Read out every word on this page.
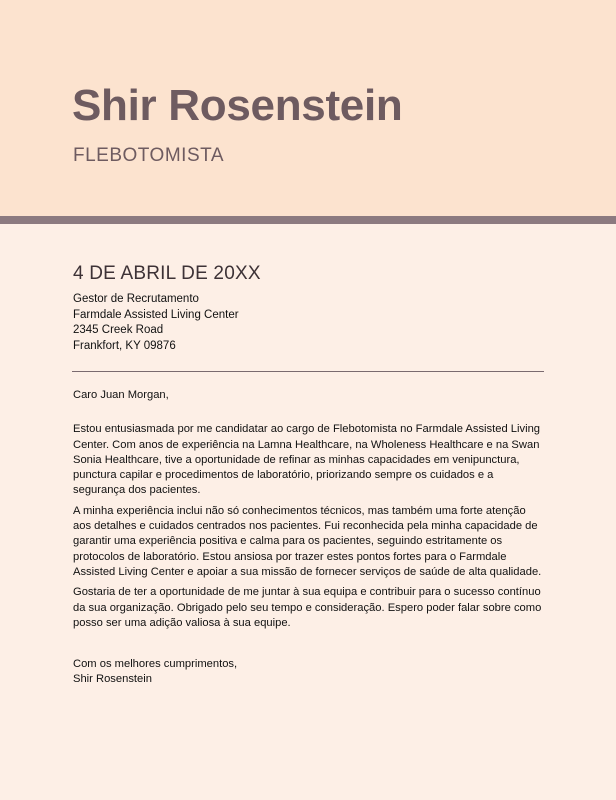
Shir Rosenstein
FLEBOTOMISTA
4 DE ABRIL DE 20XX
Gestor de Recrutamento
Farmdale Assisted Living Center
2345 Creek Road
Frankfort, KY 09876

Caro Juan Morgan,

Estou entusiasmada por me candidatar ao cargo de Flebotomista no Farmdale Assisted Living Center. Com anos de experiência na Lamna Healthcare, na Wholeness Healthcare e na Swan Sonia Healthcare, tive a oportunidade de refinar as minhas capacidades em venipunctura, punctura capilar e procedimentos de laboratório, priorizando sempre os cuidados e a segurança dos pacientes.

A minha experiência inclui não só conhecimentos técnicos, mas também uma forte atenção aos detalhes e cuidados centrados nos pacientes. Fui reconhecida pela minha capacidade de garantir uma experiência positiva e calma para os pacientes, seguindo estritamente os protocolos de laboratório. Estou ansiosa por trazer estes pontos fortes para o Farmdale Assisted Living Center e apoiar a sua missão de fornecer serviços de saúde de alta qualidade.

Gostaria de ter a oportunidade de me juntar à sua equipa e contribuir para o sucesso contínuo da sua organização. Obrigado pelo seu tempo e consideração. Espero poder falar sobre como posso ser uma adição valiosa à sua equipe.

Com os melhores cumprimentos,

Shir Rosenstein
